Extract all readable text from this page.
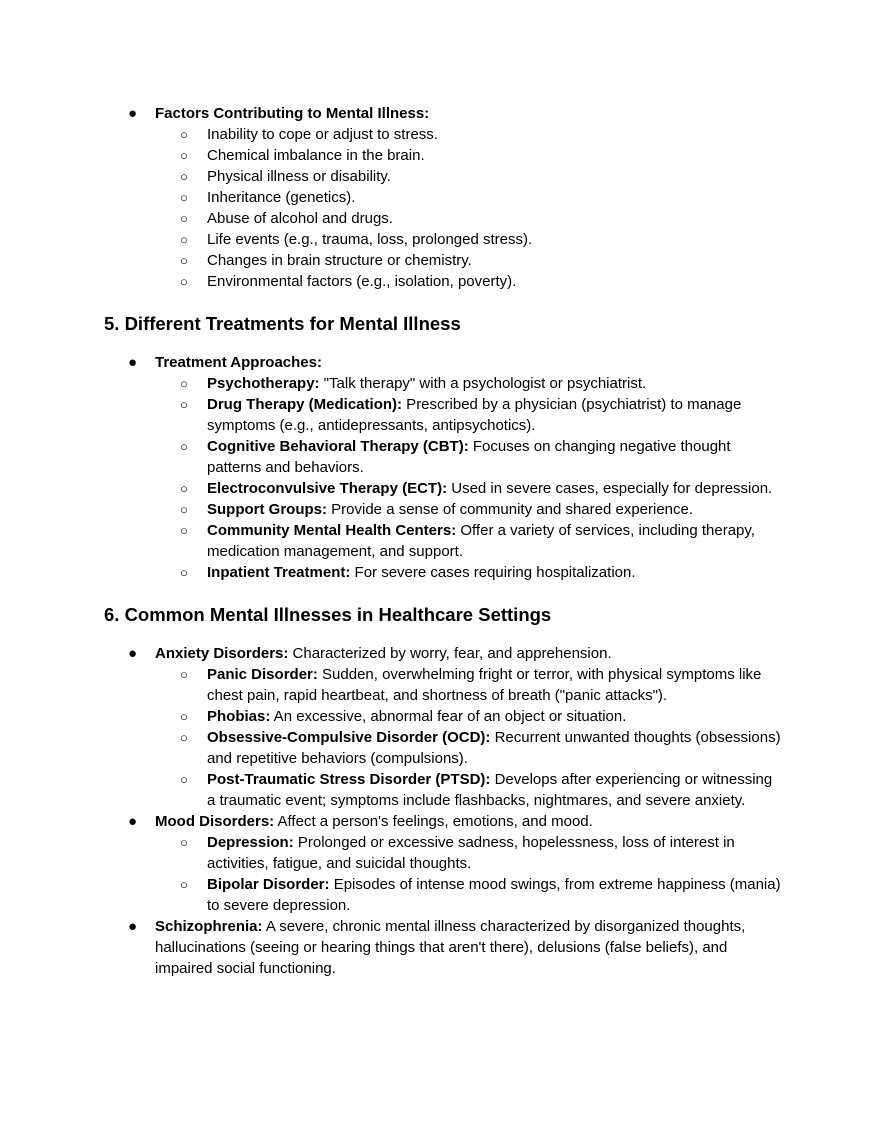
● Factors Contributing to Mental Illness:
○ Inability to cope or adjust to stress.
○ Chemical imbalance in the brain.
○ Physical illness or disability.
○ Inheritance (genetics).
○ Abuse of alcohol and drugs.
○ Life events (e.g., trauma, loss, prolonged stress).
○ Changes in brain structure or chemistry.
○ Environmental factors (e.g., isolation, poverty).
5. Different Treatments for Mental Illness
● Treatment Approaches:
○ Psychotherapy: "Talk therapy" with a psychologist or psychiatrist.
○ Drug Therapy (Medication): Prescribed by a physician (psychiatrist) to manage symptoms (e.g., antidepressants, antipsychotics).
○ Cognitive Behavioral Therapy (CBT): Focuses on changing negative thought patterns and behaviors.
○ Electroconvulsive Therapy (ECT): Used in severe cases, especially for depression.
○ Support Groups: Provide a sense of community and shared experience.
○ Community Mental Health Centers: Offer a variety of services, including therapy, medication management, and support.
○ Inpatient Treatment: For severe cases requiring hospitalization.
6. Common Mental Illnesses in Healthcare Settings
● Anxiety Disorders: Characterized by worry, fear, and apprehension.
○ Panic Disorder: Sudden, overwhelming fright or terror, with physical symptoms like chest pain, rapid heartbeat, and shortness of breath ("panic attacks").
○ Phobias: An excessive, abnormal fear of an object or situation.
○ Obsessive-Compulsive Disorder (OCD): Recurrent unwanted thoughts (obsessions) and repetitive behaviors (compulsions).
○ Post-Traumatic Stress Disorder (PTSD): Develops after experiencing or witnessing a traumatic event; symptoms include flashbacks, nightmares, and severe anxiety.
● Mood Disorders: Affect a person's feelings, emotions, and mood.
○ Depression: Prolonged or excessive sadness, hopelessness, loss of interest in activities, fatigue, and suicidal thoughts.
○ Bipolar Disorder: Episodes of intense mood swings, from extreme happiness (mania) to severe depression.
● Schizophrenia: A severe, chronic mental illness characterized by disorganized thoughts, hallucinations (seeing or hearing things that aren't there), delusions (false beliefs), and impaired social functioning.
